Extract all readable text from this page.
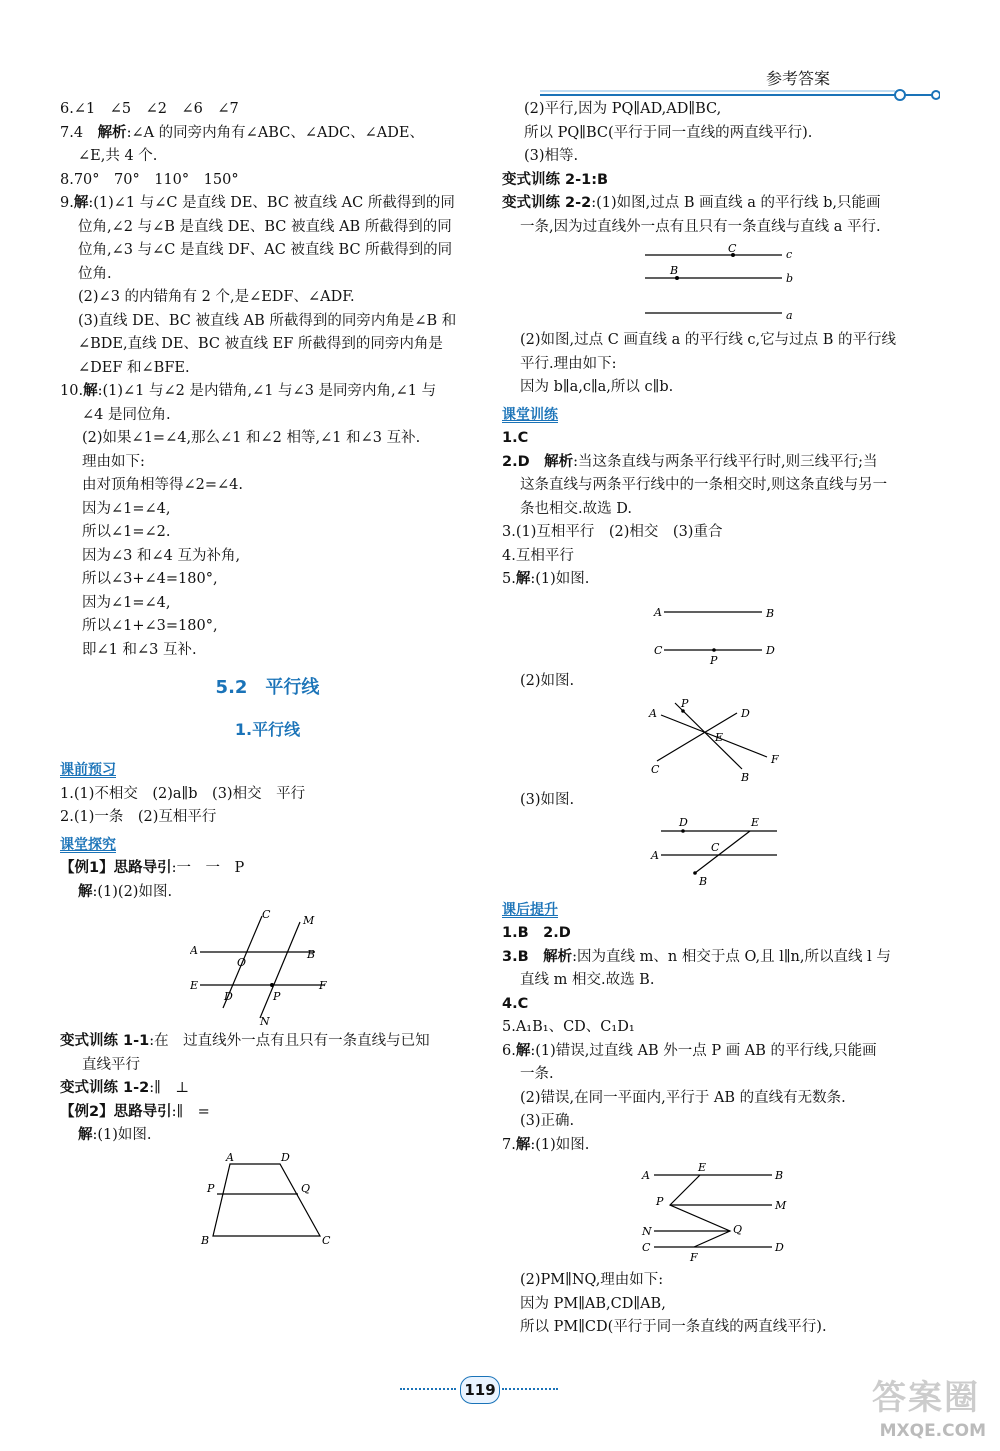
参考答案
6.∠1　∠5　∠2　∠6　∠7
7.4　解析:∠A 的同旁内角有∠ABC、∠ADC、∠ADE、
∠E,共 4 个.
8.70°　70°　110°　150°
9.解:(1)∠1 与∠C 是直线 DE、BC 被直线 AC 所截得到的同
位角,∠2 与∠B 是直线 DE、BC 被直线 AB 所截得到的同
位角,∠3 与∠C 是直线 DF、AC 被直线 BC 所截得到的同
位角.
(2)∠3 的内错角有 2 个,是∠EDF、∠ADF.
(3)直线 DE、BC 被直线 AB 所截得到的同旁内角是∠B 和
∠BDE,直线 DE、BC 被直线 EF 所截得到的同旁内角是
∠DEF 和∠BFE.
10.解:(1)∠1 与∠2 是内错角,∠1 与∠3 是同旁内角,∠1 与
∠4 是同位角.
(2)如果∠1=∠4,那么∠1 和∠2 相等,∠1 和∠3 互补.
理由如下:
由对顶角相等得∠2=∠4.
因为∠1=∠4,
所以∠1=∠2.
因为∠3 和∠4 互为补角,
所以∠3+∠4=180°,
因为∠1=∠4,
所以∠1+∠3=180°,
即∠1 和∠3 互补.
5.2　平行线
1.平行线
课前预习
1.(1)不相交　(2)a∥b　(3)相交　平行
2.(1)一条　(2)互相平行
课堂探究
【例1】思路导引:一　一　P
解:(1)(2)如图.
C	M
A	B
O
E	F
D	P
N
变式训练 1-1:在　过直线外一点有且只有一条直线与已知
直线平行
变式训练 1-2:∥　⊥
【例2】思路导引:∥　=
解:(1)如图.
A	D
P	Q
B	C
(2)平行,因为 PQ∥AD,AD∥BC,
所以 PQ∥BC(平行于同一直线的两直线平行).
(3)相等.
变式训练 2-1:B
变式训练 2-2:(1)如图,过点 B 画直线 a 的平行线 b,只能画
一条,因为过直线外一点有且只有一条直线与直线 a 平行.
C	c
B
b
a
(2)如图,过点 C 画直线 a 的平行线 c,它与过点 B 的平行线
平行.理由如下:
因为 b∥a,c∥a,所以 c∥b.
课堂训练
1.C
2.D　解析:当这条直线与两条平行线平行时,则三线平行;当
这条直线与两条平行线中的一条相交时,则这条直线与另一
条也相交.故选 D.
3.(1)互相平行　(2)相交　(3)重合
4.互相平行
5.解:(1)如图.
A	B
C
P
D
(2)如图.
A
P
D
E
F
C
B
(3)如图.
D	E
A
C
B
课后提升
1.B　2.D
3.B　解析:因为直线 m、n 相交于点 O,且 l∥n,所以直线 l 与
直线 m 相交.故选 B.
4.C
5.A₁B₁、CD、C₁D₁
6.解:(1)错误,过直线 AB 外一点 P 画 AB 的平行线,只能画
一条.
(2)错误,在同一平面内,平行于 AB 的直线有无数条.
(3)正确.
7.解:(1)如图.
A
E
B
P	M
N	Q
C
F
D
(2)PM∥NQ,理由如下:
因为 PM∥AB,CD∥AB,
所以 PM∥CD(平行于同一条直线的两直线平行).
119	答案圈
MXQE.COM
